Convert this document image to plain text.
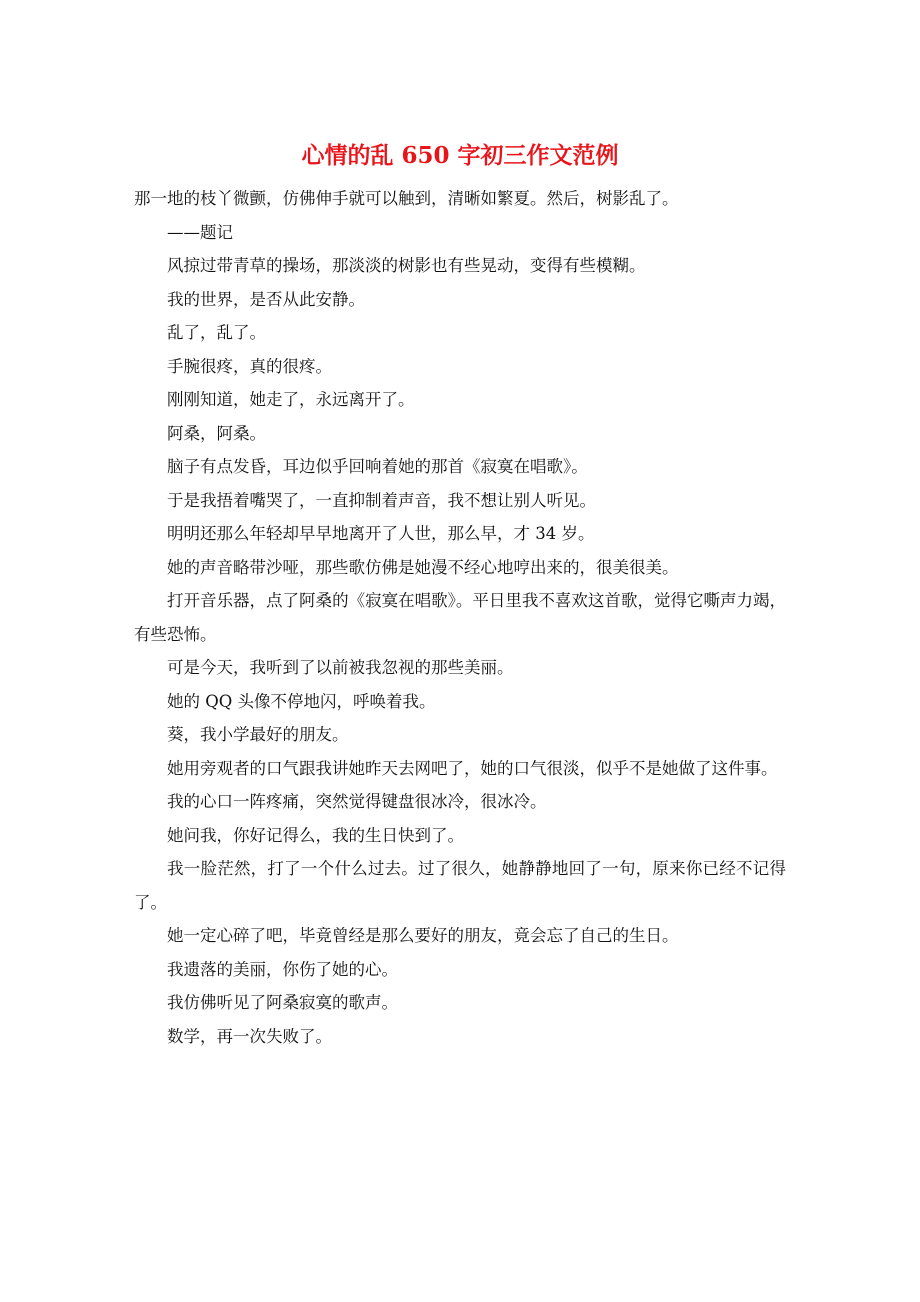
心情的乱 650 字初三作文范例

那一地的枝丫微颤，仿佛伸手就可以触到，清晰如繁夏。然后，树影乱了。

——题记

风掠过带青草的操场，那淡淡的树影也有些晃动，变得有些模糊。

我的世界，是否从此安静。

乱了，乱了。

手腕很疼，真的很疼。

刚刚知道，她走了，永远离开了。

阿桑，阿桑。

脑子有点发昏，耳边似乎回响着她的那首《寂寞在唱歌》。

于是我捂着嘴哭了，一直抑制着声音，我不想让别人听见。

明明还那么年轻却早早地离开了人世，那么早，才 34 岁。

她的声音略带沙哑，那些歌仿佛是她漫不经心地哼出来的，很美很美。

打开音乐器，点了阿桑的《寂寞在唱歌》。平日里我不喜欢这首歌，觉得它嘶声力竭，有些恐怖。

可是今天，我听到了以前被我忽视的那些美丽。

她的 QQ 头像不停地闪，呼唤着我。

葵，我小学最好的朋友。

她用旁观者的口气跟我讲她昨天去网吧了，她的口气很淡，似乎不是她做了这件事。

我的心口一阵疼痛，突然觉得键盘很冰冷，很冰冷。

她问我，你好记得么，我的生日快到了。

我一脸茫然，打了一个什么过去。过了很久，她静静地回了一句，原来你已经不记得了。

她一定心碎了吧，毕竟曾经是那么要好的朋友，竟会忘了自己的生日。

我遗落的美丽，你伤了她的心。

我仿佛听见了阿桑寂寞的歌声。

数学，再一次失败了。
